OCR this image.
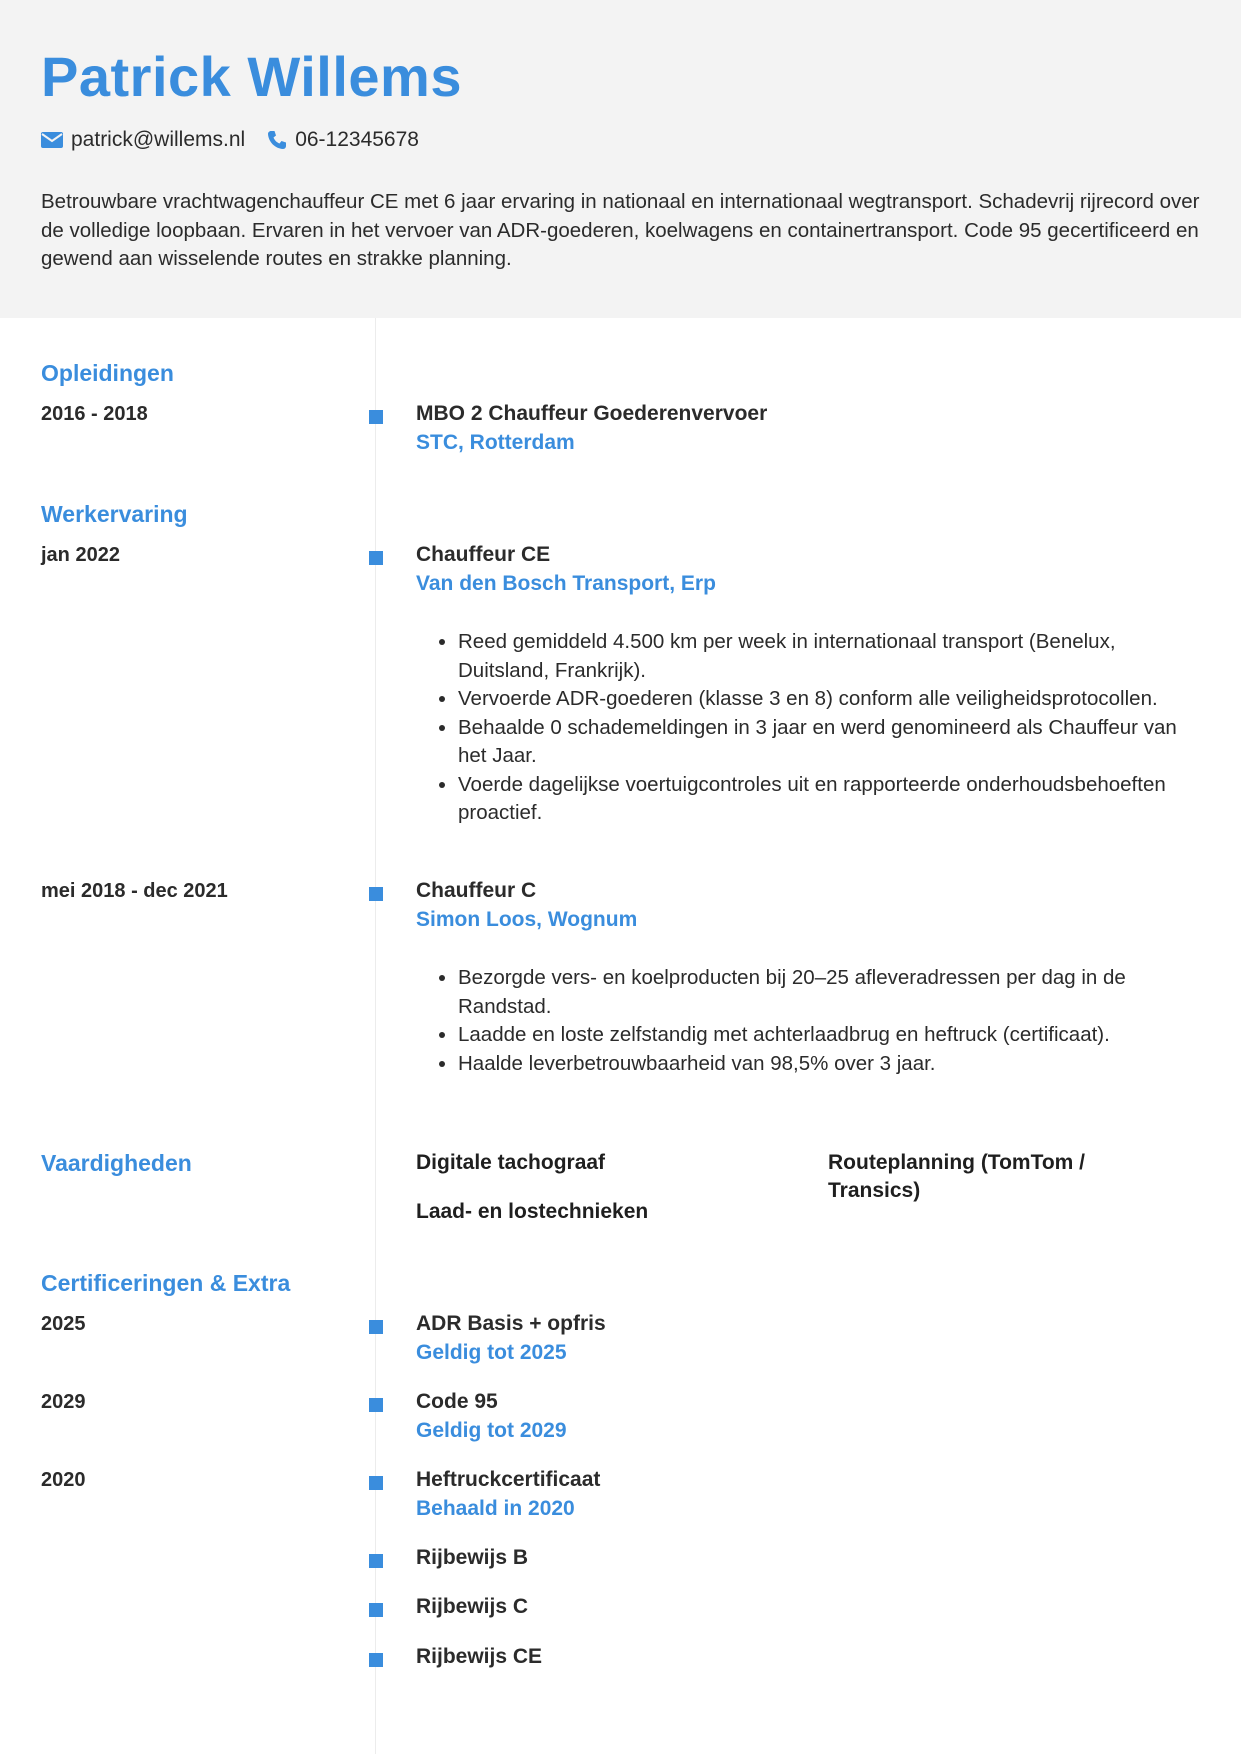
Patrick Willems
patrick@willems.nl 06-12345678
Betrouwbare vrachtwagenchauffeur CE met 6 jaar ervaring in nationaal en internationaal wegtransport. Schadevrij rijrecord over de volledige loopbaan. Ervaren in het vervoer van ADR-goederen, koelwagens en containertransport. Code 95 gecertificeerd en gewend aan wisselende routes en strakke planning.
Opleidingen
2016 - 2018	MBO 2 Chauffeur Goederenvervoer
STC, Rotterdam
Werkervaring
jan 2022	Chauffeur CE
Van den Bosch Transport, Erp
• Reed gemiddeld 4.500 km per week in internationaal transport (Benelux, Duitsland, Frankrijk).
• Vervoerde ADR-goederen (klasse 3 en 8) conform alle veiligheidsprotocollen.
• Behaalde 0 schademeldingen in 3 jaar en werd genomineerd als Chauffeur van het Jaar.
• Voerde dagelijkse voertuigcontroles uit en rapporteerde onderhoudsbehoeften proactief.
mei 2018 - dec 2021	Chauffeur C
Simon Loos, Wognum
• Bezorgde vers- en koelproducten bij 20–25 afleveradressen per dag in de Randstad.
• Laadde en loste zelfstandig met achterlaadbrug en heftruck (certificaat).
• Haalde leverbetrouwbaarheid van 98,5% over 3 jaar.
Vaardigheden	Digitale tachograaf	Routeplanning (TomTom / Transics)
Laad- en lostechnieken
Certificeringen & Extra
2025	ADR Basis + opfris
Geldig tot 2025
2029	Code 95
Geldig tot 2029
2020	Heftruckcertificaat
Behaald in 2020
Rijbewijs B
Rijbewijs C
Rijbewijs CE
